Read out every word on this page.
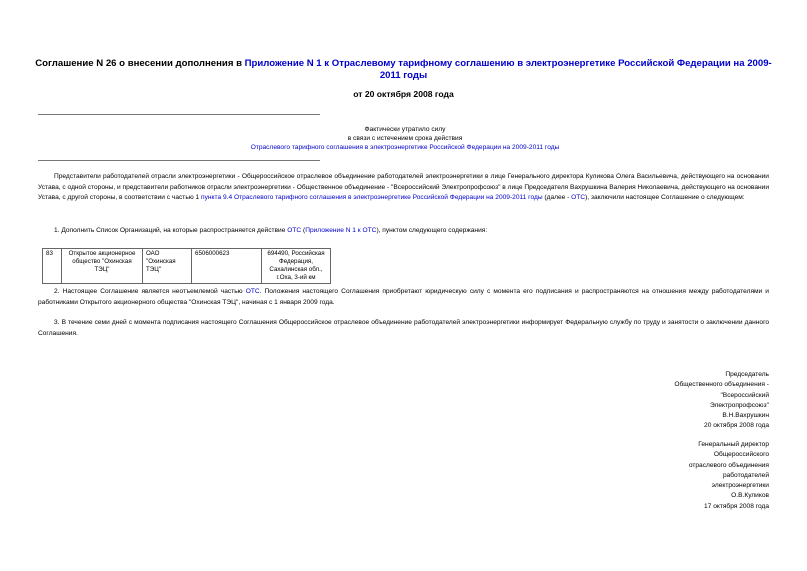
Соглашение N 26 о внесении дополнения в Приложение N 1 к Отраслевому тарифному соглашению в электроэнергетике Российской Федерации на 2009-2011 годы
от 20 октября 2008 года
Фактически утратило силу
в связи с истечением срока действия
Отраслевого тарифного соглашения в электроэнергетике Российской Федерации на 2009-2011 годы
Представители работодателей отрасли электроэнергетики - Общероссийское отраслевое объединение работодателей электроэнергетики в лице Генерального директора Куликова Олега Васильевича, действующего на основании Устава, с одной стороны, и представители работников отрасли электроэнергетики - Общественное объединение - "Всероссийский Электропрофсоюз" в лице Председателя Вахрушкина Валерия Николаевича, действующего на основании Устава, с другой стороны, в соответствии с частью 1 пункта 9.4 Отраслевого тарифного соглашения в электроэнергетике Российской Федерации на 2009-2011 годы (далее - ОТС), заключили настоящее Соглашение о следующем:
1. Дополнить Список Организаций, на которые распространяется действие ОТС (Приложение N 1 к ОТС), пунктом следующего содержания:
83	Открытое акционерное общество "Охинская ТЭЦ"	ОАО "Охинская ТЭЦ"	6506000623	694490, Российская Федерация, Сахалинская обл., г.Оха, 3-ий км
2. Настоящее Соглашение является неотъемлемой частью ОТС. Положения настоящего Соглашения приобретают юридическую силу с момента его подписания и распространяются на отношения между работодателями и работниками Открытого акционерного общества "Охинская ТЭЦ", начиная с 1 января 2009 года.
3. В течение семи дней с момента подписания настоящего Соглашения Общероссийское отраслевое объединение работодателей электроэнергетики информирует Федеральную службу по труду и занятости о заключении данного Соглашения.
Председатель
Общественного объединения -
"Всероссийский
Электропрофсоюз"
В.Н.Вахрушкин
20 октября 2008 года
Генеральный директор
Общероссийского
отраслевого объединения
работодателей
электроэнергетики
О.В.Куликов
17 октября 2008 года
